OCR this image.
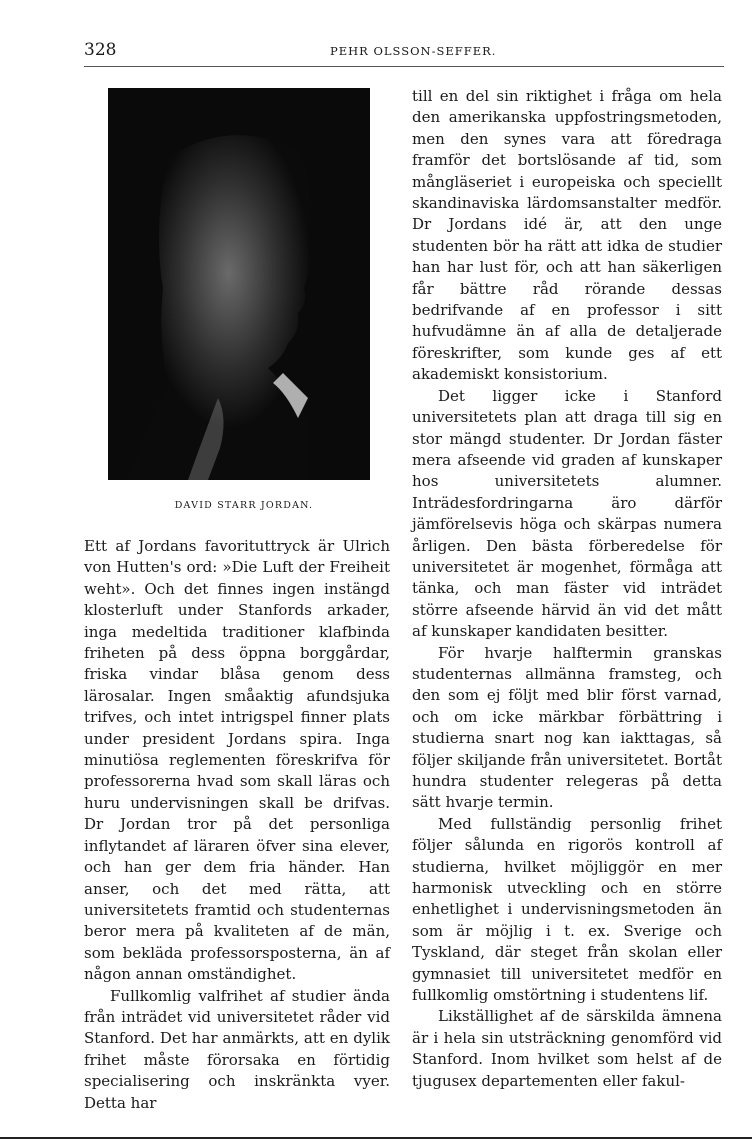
328	PEHR OLSSON-SEFFER.
DAVID STARR JORDAN.

Ett af Jordans favorituttryck är Ulrich von Hutten's ord: »Die Luft der Freiheit weht». Och det finnes ingen instängd klosterluft under Stanfords arkader, inga medeltida traditioner klafbinda friheten på dess öppna borggårdar, friska vindar blåsa genom dess lärosalar. Ingen småaktig afundsjuka trifves, och intet intrigspel finner plats under president Jordans spira. Inga minutiösa reglementen föreskrifva för professorerna hvad som skall läras och huru undervisningen skall be drifvas. Dr Jordan tror på det personliga inflytandet af läraren öfver sina elever, och han ger dem fria händer. Han anser, och det med rätta, att universitetets framtid och studenternas beror mera på kvaliteten af de män, som bekläda professorsposterna, än af någon annan omständighet.

Fullkomlig valfrihet af studier ända från inträdet vid universitetet råder vid Stanford. Det har anmärkts, att en dylik frihet måste förorsaka en förtidig specialisering och inskränkta vyer. Detta har

till en del sin riktighet i fråga om hela den amerikanska uppfostringsmetoden, men den synes vara att föredraga framför det bortslösande af tid, som mångläseriet i europeiska och speciellt skandinaviska lärdomsanstalter medför. Dr Jordans idé är, att den unge studenten bör ha rätt att idka de studier han har lust för, och att han säkerligen får bättre råd rörande dessas bedrifvande af en professor i sitt hufvudämne än af alla de detaljerade föreskrifter, som kunde ges af ett akademiskt konsistorium.

Det ligger icke i Stanford universitetets plan att draga till sig en stor mängd studenter. Dr Jordan fäster mera afseende vid graden af kunskaper hos universitetets alumner. Inträdesfordringarna äro därför jämförelsevis höga och skärpas numera årligen. Den bästa förberedelse för universitetet är mogenhet, förmåga att tänka, och man fäster vid inträdet större afseende härvid än vid det mått af kunskaper kandidaten besitter.

För hvarje halftermin granskas studenternas allmänna framsteg, och den som ej följt med blir först varnad, och om icke märkbar förbättring i studierna snart nog kan iakttagas, så följer skiljande från universitetet. Bortåt hundra studenter relegeras på detta sätt hvarje termin.

Med fullständig personlig frihet följer sålunda en rigorös kontroll af studierna, hvilket möjliggör en mer harmonisk utveckling och en större enhetlighet i undervisningsmetoden än som är möjlig i t. ex. Sverige och Tyskland, där steget från skolan eller gymnasiet till universitetet medför en fullkomlig omstörtning i studentens lif.

Likställighet af de särskilda ämnena är i hela sin utsträckning genomförd vid Stanford. Inom hvilket som helst af de tjugusex departementen eller fakul-
